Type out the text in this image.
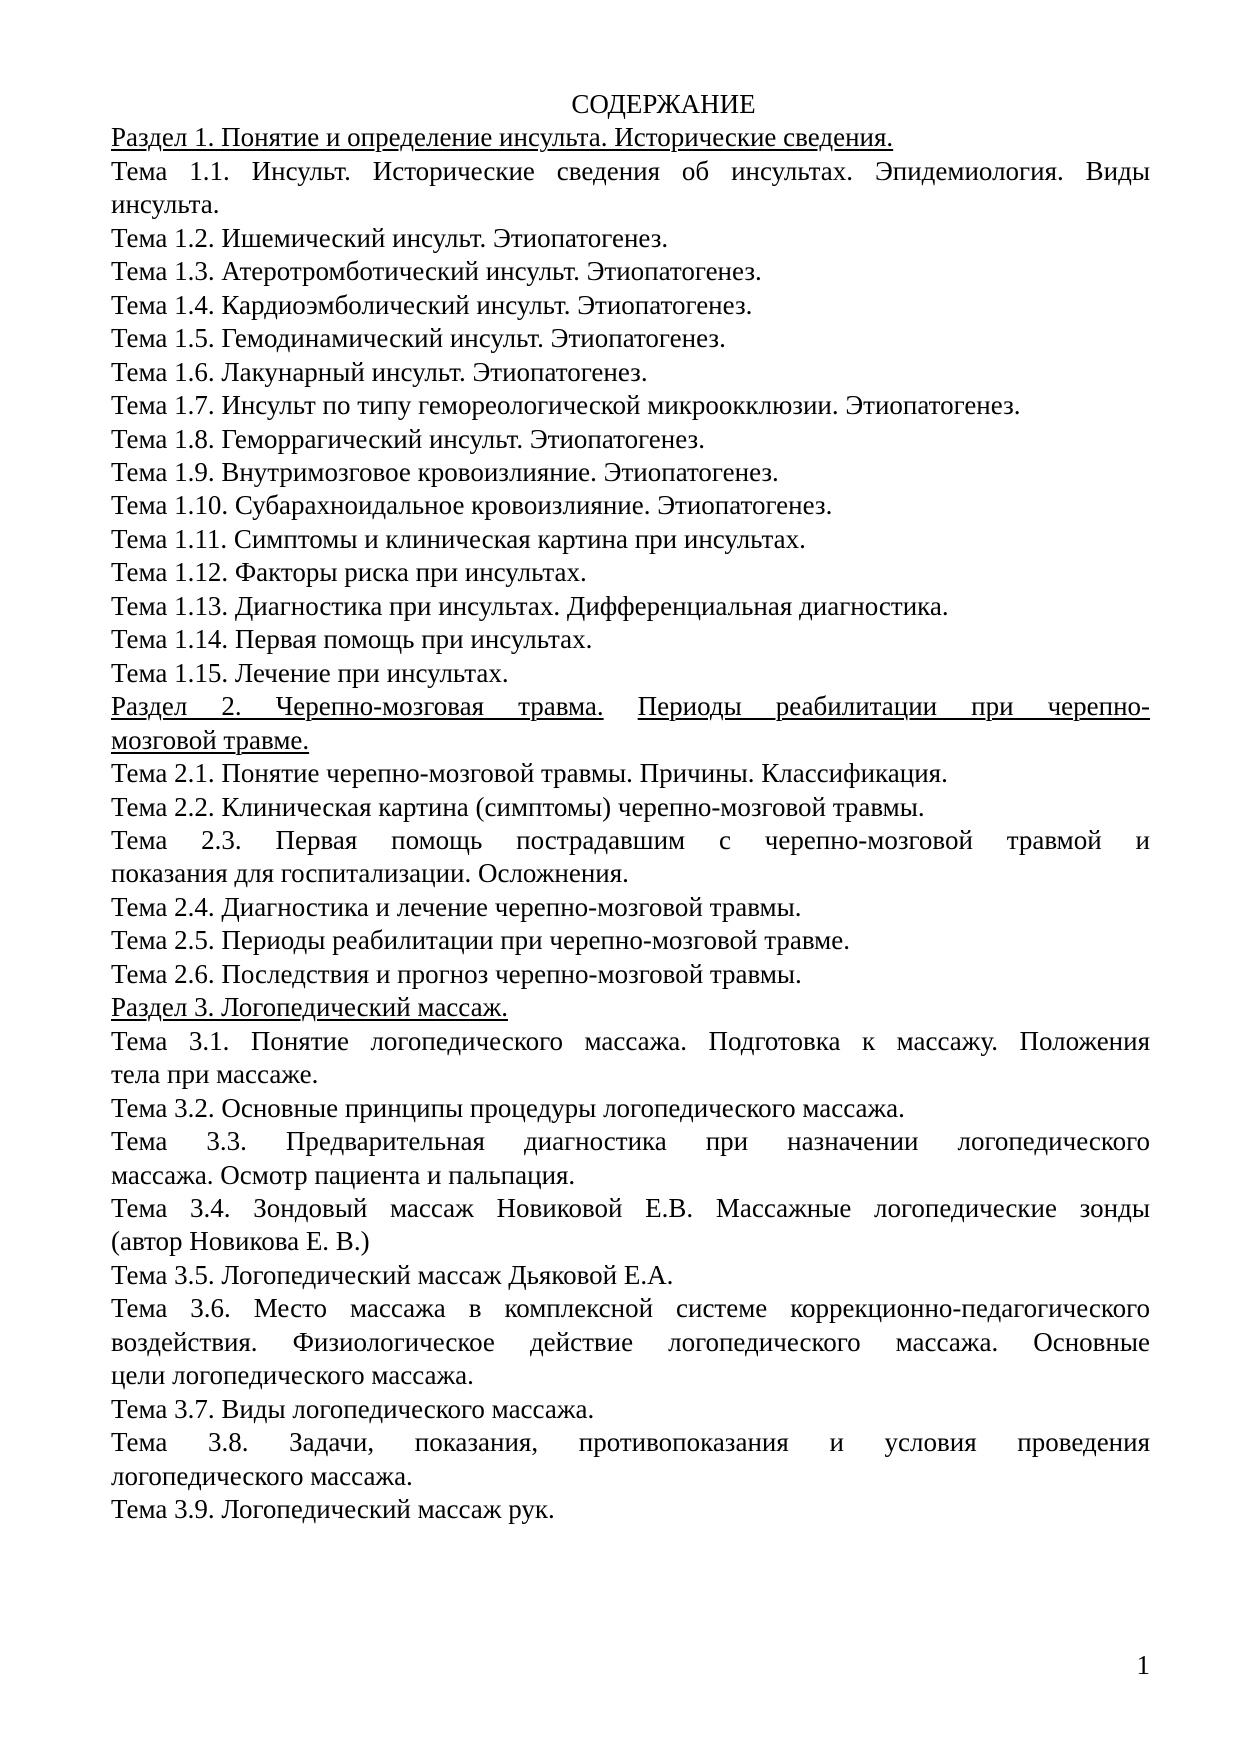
СОДЕРЖАНИЕ
Раздел 1. Понятие и определение инсульта. Исторические сведения.
Тема 1.1. Инсульт. Исторические сведения об инсультах. Эпидемиология. Виды
инсульта.
Тема 1.2. Ишемический инсульт. Этиопатогенез.
Тема 1.3. Атеротромботический инсульт. Этиопатогенез.
Тема 1.4. Кардиоэмболический инсульт. Этиопатогенез.
Тема 1.5. Гемодинамический инсульт. Этиопатогенез.
Тема 1.6. Лакунарный инсульт. Этиопатогенез.
Тема 1.7. Инсульт по типу гемореологической микроокклюзии. Этиопатогенез.
Тема 1.8. Геморрагический инсульт. Этиопатогенез.
Тема 1.9. Внутримозговое кровоизлияние. Этиопатогенез.
Тема 1.10. Субарахноидальное кровоизлияние. Этиопатогенез.
Тема 1.11. Симптомы и клиническая картина при инсультах.
Тема 1.12. Факторы риска при инсультах.
Тема 1.13. Диагностика при инсультах. Дифференциальная диагностика.
Тема 1.14. Первая помощь при инсультах.
Тема 1.15. Лечение при инсультах.
Раздел 2. Черепно-мозговая травма. Периоды реабилитации при черепно-
мозговой травме.
Тема 2.1. Понятие черепно-мозговой травмы. Причины. Классификация.
Тема 2.2. Клиническая картина (симптомы) черепно-мозговой травмы.
Тема 2.3. Первая помощь пострадавшим с черепно-мозговой травмой и
показания для госпитализации. Осложнения.
Тема 2.4. Диагностика и лечение черепно-мозговой травмы.
Тема 2.5. Периоды реабилитации при черепно-мозговой травме.
Тема 2.6. Последствия и прогноз черепно-мозговой травмы.
Раздел 3. Логопедический массаж.
Тема 3.1. Понятие логопедического массажа. Подготовка к массажу. Положения
тела при массаже.
Тема 3.2. Основные принципы процедуры логопедического массажа.
Тема 3.3. Предварительная диагностика при назначении логопедического
массажа. Осмотр пациента и пальпация.
Тема 3.4. Зондовый массаж Новиковой Е.В. Массажные логопедические зонды
(автор Новикова Е. В.)
Тема 3.5. Логопедический массаж Дьяковой Е.А.
Тема 3.6. Место массажа в комплексной системе коррекционно-педагогического
воздействия. Физиологическое действие логопедического массажа. Основные
цели логопедического массажа.
Тема 3.7. Виды логопедического массажа.
Тема 3.8. Задачи, показания, противопоказания и условия проведения
логопедического массажа.
Тема 3.9. Логопедический массаж рук.
1
